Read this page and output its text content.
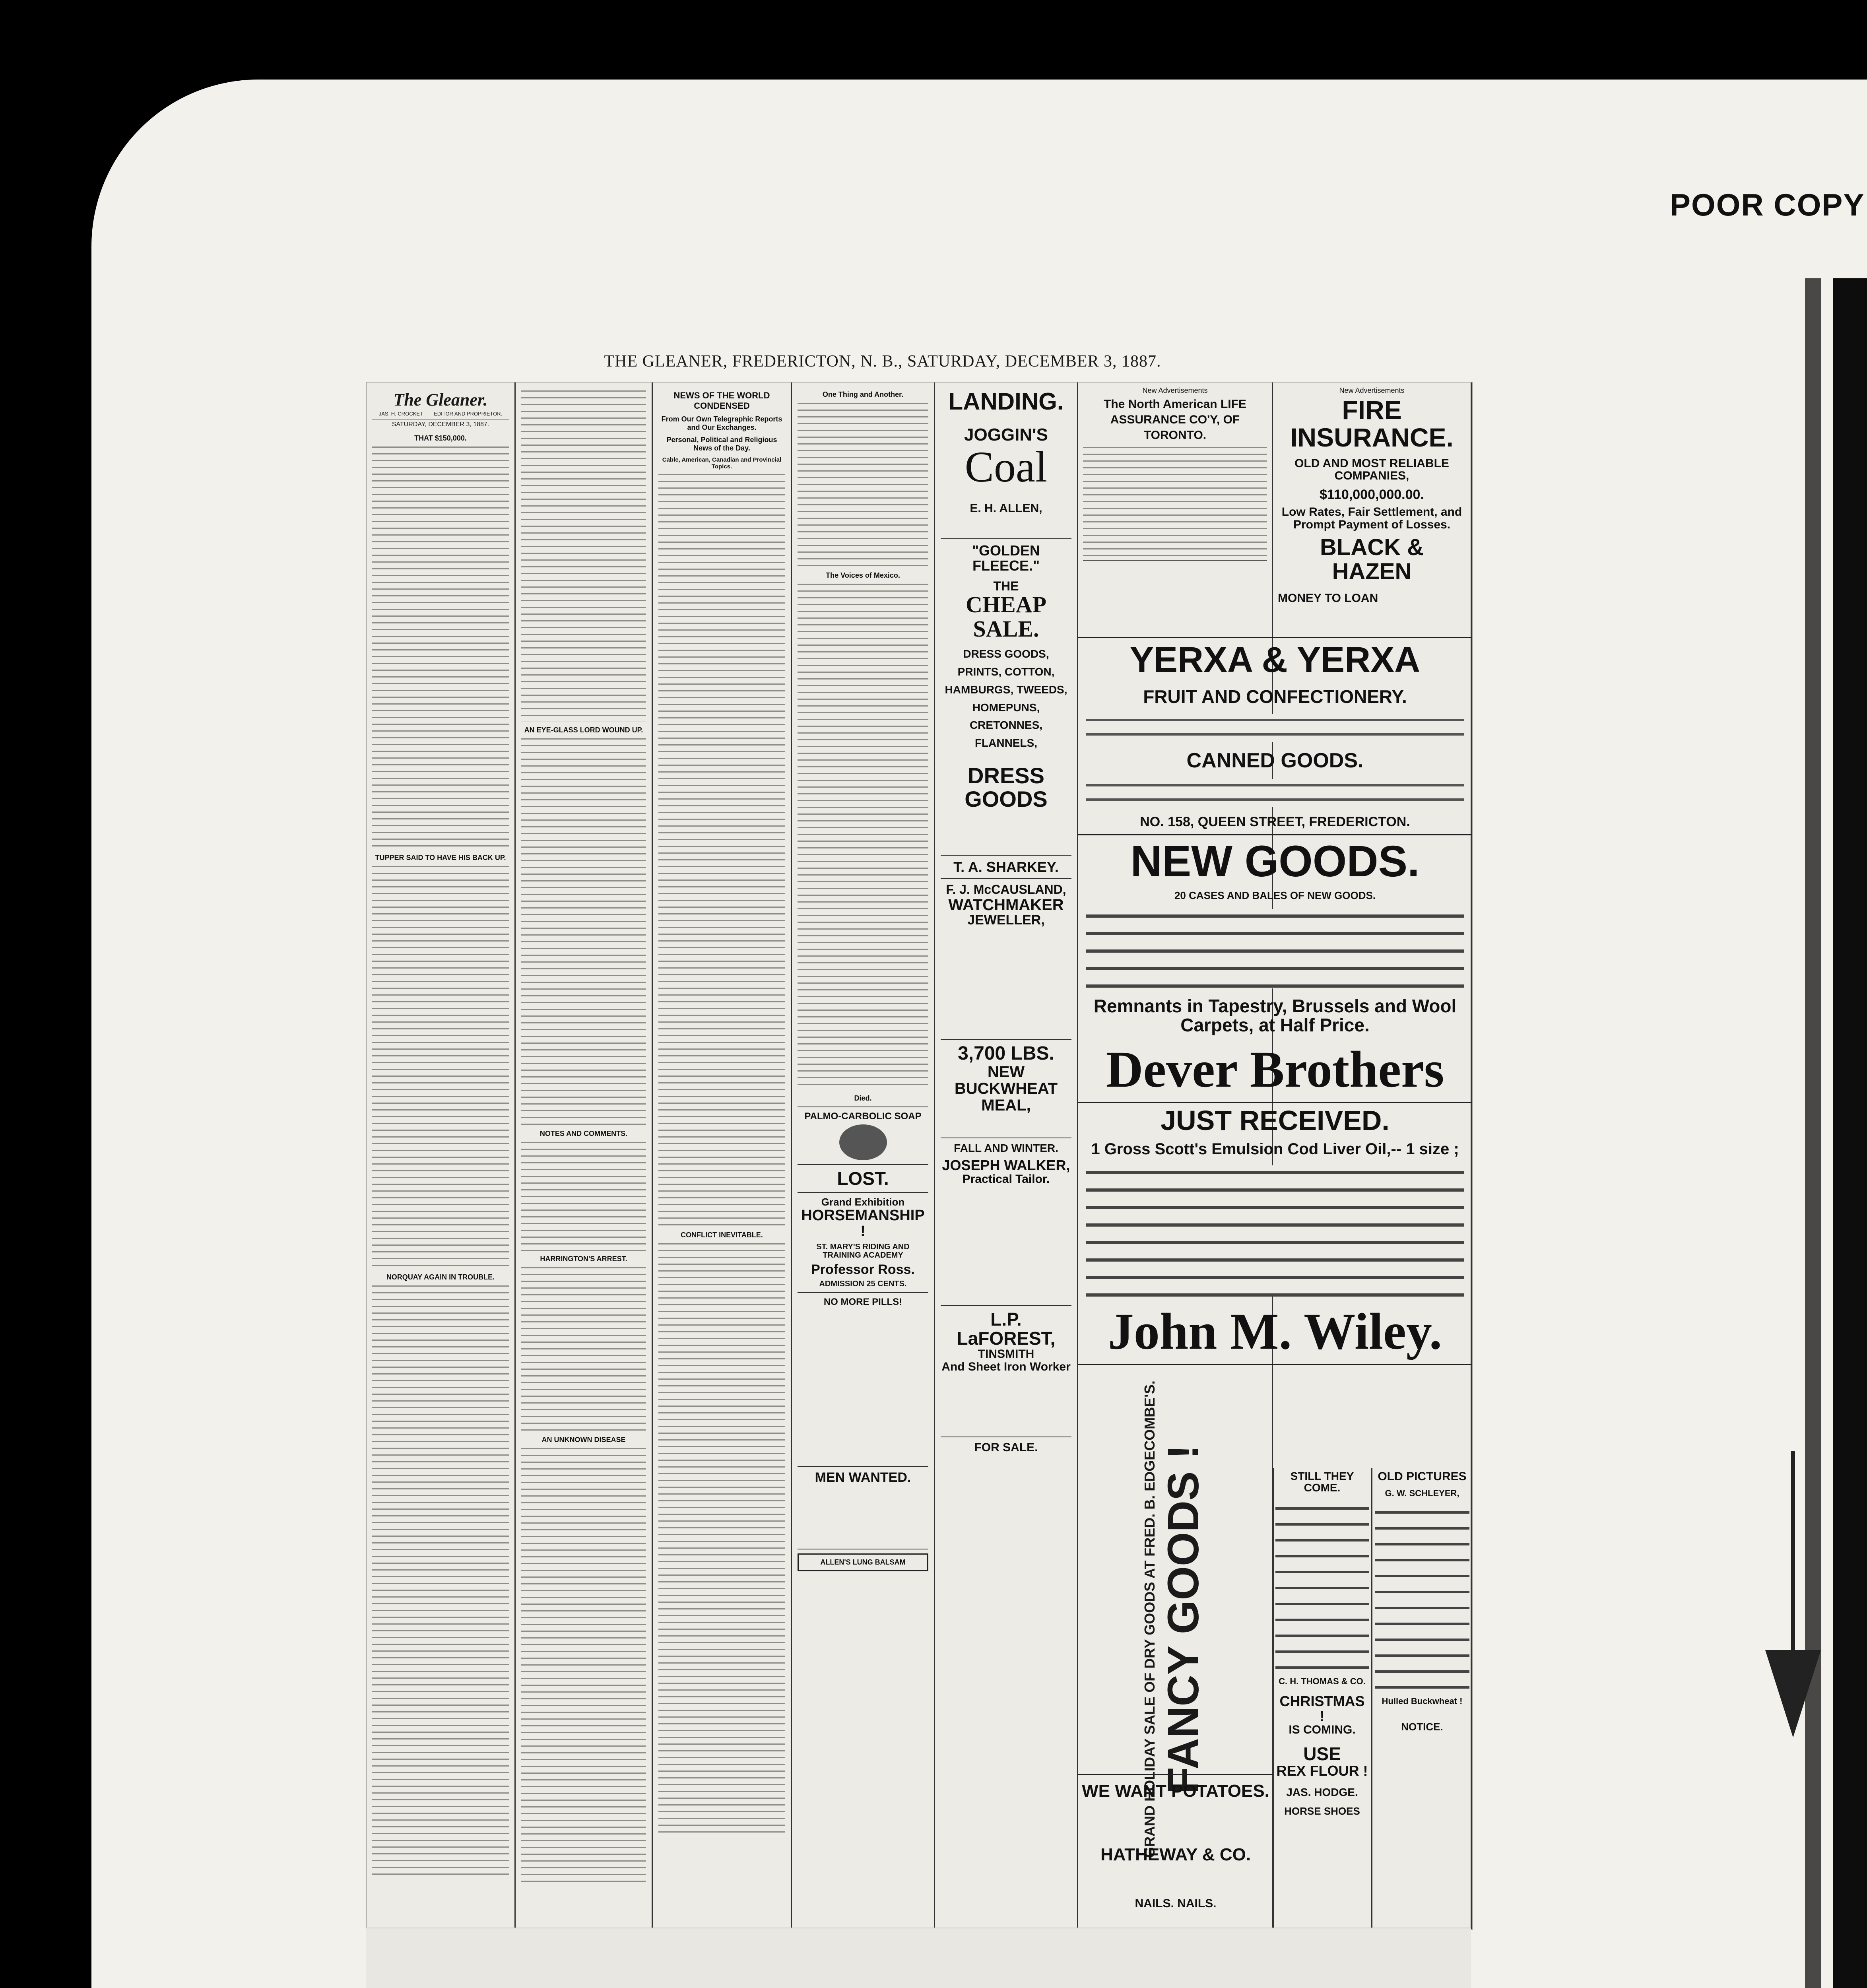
POOR COPY
THE GLEANER, FREDERICTON, N. B., SATURDAY, DECEMBER 3, 1887.
The Gleaner.
JAS. H. CROCKET - - - EDITOR AND PROPRIETOR.
SATURDAY, DECEMBER 3, 1887.
THAT $150,000.
TUPPER SAID TO HAVE HIS BACK UP.
NORQUAY AGAIN IN TROUBLE.
AN EYE-GLASS LORD WOUND UP.
NOTES AND COMMENTS.
HARRINGTON'S ARREST.
AN UNKNOWN DISEASE
NEWS OF THE WORLD CONDENSED
From Our Own Telegraphic Reports and Our Exchanges.
Personal, Political and Religious News of the Day.
Cable, American, Canadian and Provincial Topics.
CONFLICT INEVITABLE.
One Thing and Another.
The Voices of Mexico.
Died.
PALMO-CARBOLIC SOAP
LOST.
Grand Exhibition
HORSEMANSHIP !
ST. MARY'S RIDING AND TRAINING ACADEMY
Professor Ross.
ADMISSION 25 CENTS.
NO MORE PILLS!
MEN WANTED.
ALLEN'S LUNG BALSAM
LANDING.
JOGGIN'S
Coal
E. H. ALLEN,
"GOLDEN FLEECE."
THE
CHEAP SALE.
DRESS GOODS, PRINTS, COTTON, HAMBURGS, TWEEDS, HOMEPUNS, CRETONNES, FLANNELS,
DRESS GOODS
T. A. SHARKEY.
F. J. McCAUSLAND,
WATCHMAKER
JEWELLER,
3,700 LBS.
NEW BUCKWHEAT MEAL,
FALL AND WINTER.
JOSEPH WALKER,
Practical Tailor.
L.P. LaFOREST,
TINSMITH
And Sheet Iron Worker
FOR SALE.
New Advertisements
The North American LIFE ASSURANCE CO'Y, OF TORONTO.
New Advertisements
FIRE INSURANCE.
OLD AND MOST RELIABLE COMPANIES,
$110,000,000.00.
Low Rates, Fair Settlement, and Prompt Payment of Losses.
BLACK & HAZEN
MONEY TO LOAN
YERXA & YERXA
FRUIT AND CONFECTIONERY.
CANNED GOODS.
NO. 158, QUEEN STREET, FREDERICTON.
NEW GOODS.
20 CASES AND BALES OF NEW GOODS.
Remnants in Tapestry, Brussels and Wool Carpets, at Half Price.
Dever Brothers
JUST RECEIVED.
1 Gross Scott's Emulsion Cod Liver Oil,-- 1 size ;
John M. Wiley.
GRAND HOLIDAY SALE OF DRY GOODS AT FRED. B. EDGECOMBE'S. FANCY GOODS !
WE WANT POTATOES.
HATHEWAY & CO.
NAILS. NAILS.
STILL THEY COME.
C. H. THOMAS & CO.
CHRISTMAS !
IS COMING.
USE
REX FLOUR !
JAS. HODGE.
HORSE SHOES
OLD PICTURES
G. W. SCHLEYER,
Hulled Buckwheat !
NOTICE.
